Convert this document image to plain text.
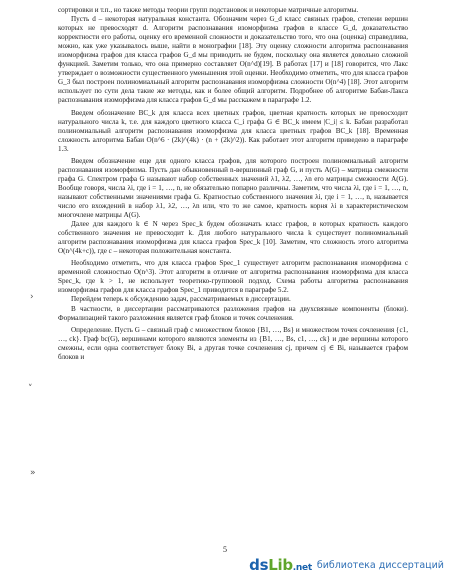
сортировки и т.п., но также методы теории групп подстановок и некоторые матричные алгоритмы.

Пусть d – некоторая натуральная константа. Обозначим через G_d класс связных графов, степени вершин которых не превосходят d. Алгоритм распознавания изоморфизма графов в классе G_d, доказательство корректности его работы, оценку его временной сложности и доказательство того, что она (оценка) справедлива, можно, как уже указывалось выше, найти в монографии [18]. Эту оценку сложности алгоритма распознавания изоморфизма графов для класса графов G_d мы приводить не будем, поскольку она является довольно сложной функцией. Заметим только, что она примерно составляет O(n^d)[19]. В работах [17] и [18] говорится, что Лакс утверждает о возможности существенного уменьшения этой оценки. Необходимо отметить, что для класса графов G_3 был построен полиномиальный алгоритм распознавания изоморфизма сложности O(n^4) [18]. Этот алгоритм использует по сути дела такие же методы, как и более общий алгоритм. Подробнее об алгоритме Бабаи-Лакса распознавания изоморфизма для класса графов G_d мы расскажем в параграфе 1.2.

Введем обозначение BC_k для класса всех цветных графов, цветная кратность которых не превосходит натурального числа k, т.е. для каждого цветного класса C_i графа G ∈ BC_k имеем |C_i| ≤ k. Бабаи разработал полиномиальный алгоритм распознавания изоморфизма для класса цветных графов BC_k [18]. Временная сложность алгоритма Бабаи O(n^6 · (2k)^(4k) · (n + (2k)^2)). Как работает этот алгоритм приведено в параграфе 1.3.

Введем обозначение еще для одного класса графов, для которого построен полиномиальный алгоритм распознавания изоморфизма. Пусть дан обыкновенный n-вершинный граф G, и пусть A(G) – матрица смежности графа G. Спектром графа G называют набор собственных значений λ1, λ2, …, λn его матрицы смежности A(G). Вообще говоря, числа λi, где i = 1, …, n, не обязательно попарно различны. Заметим, что числа λi, где i = 1, …, n, называют собственными значениями графа G. Кратностью собственного значения λi, где i = 1, …, n, называется число его вхождений в набор λ1, λ2, …, λn или, что то же самое, кратность корня λi в характеристическом многочлене матрицы A(G).

Далее для каждого k ∈ N через Spec_k будем обозначать класс графов, в которых кратность каждого собственного значения не превосходит k. Для любого натурального числа k существует полиномиальный алгоритм распознавания изоморфизма для класса графов Spec_k [10]. Заметим, что сложность этого алгоритма O(n^(4k+c)), где c – некоторая положительная константа.

Необходимо отметить, что для класса графов Spec_1 существует алгоритм распознавания изоморфизма с временной сложностью O(n^3). Этот алгоритм в отличие от алгоритма распознавания изоморфизма для класса Spec_k, где k > 1, не использует теоретико-групповой подход. Схема работы алгоритма распознавания изоморфизма графов для класса графов Spec_1 приводится в параграфе 5.2.

Перейдем теперь к обсуждению задач, рассматриваемых в диссертации.

В частности, в диссертации рассматриваются разложения графов на двухсвязные компоненты (блоки). Формализацией такого разложения является граф блоков и точек сочленения.

Определение. Пусть G – связный граф с множеством блоков {B1, …, Bs} и множеством точек сочленения {c1, …, ck}. Граф bc(G), вершинами которого являются элементы из {B1, …, Bs, c1, …, ck} и две вершины которого смежны, если одна соответствует блоку Bi, а другая точке сочленения cj, причем cj ∈ Bi, называется графом блоков и

›
˅
»
5
ds Lib .net библиотека диссертаций
